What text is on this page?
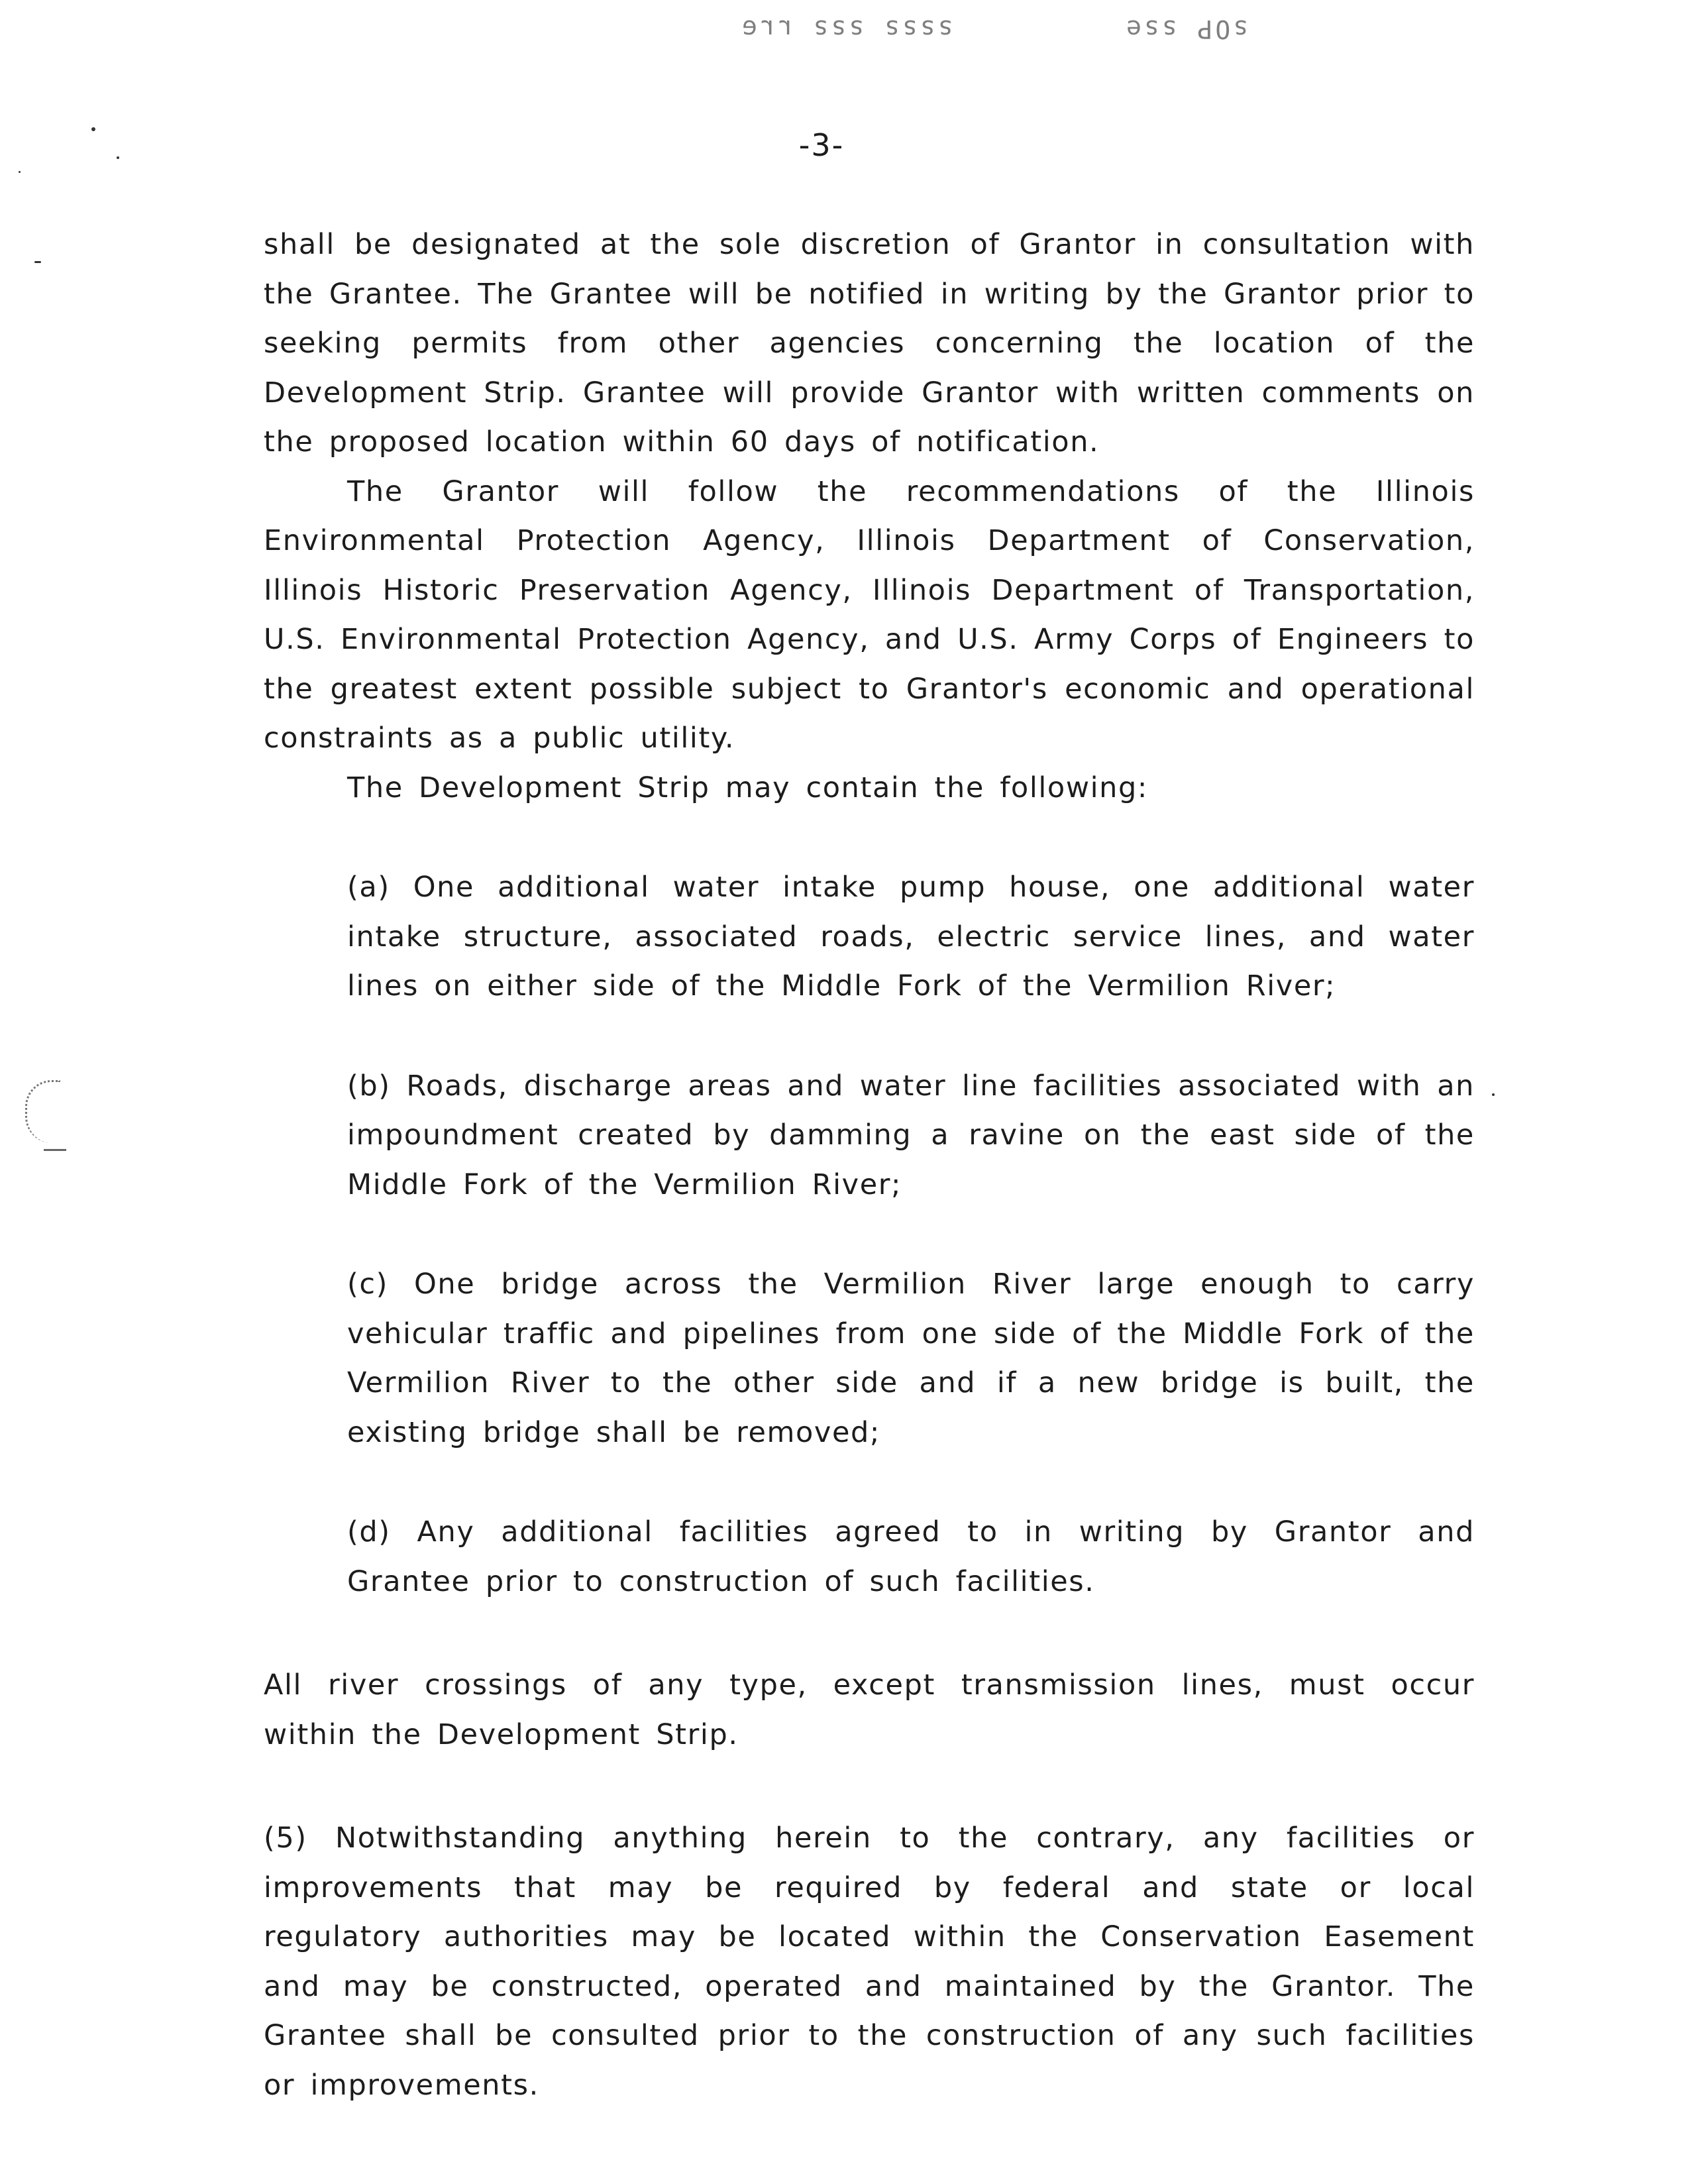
ǝɹɹ ƨƨƨ ƨƨƨƨ	ɘƨƨ ꟼOƨ
-3-

shall be designated at the sole discretion of Grantor in consultation with the Grantee. The Grantee will be notified in writing by the Grantor prior to seeking permits from other agencies concerning the location of the Development Strip. Grantee will provide Grantor with written comments on the proposed location within 60 days of notification.

The Grantor will follow the recommendations of the Illinois Environmental Protection Agency, Illinois Department of Conservation, Illinois Historic Preservation Agency, Illinois Department of Transportation, U.S. Environmental Protection Agency, and U.S. Army Corps of Engineers to the greatest extent possible subject to Grantor's economic and operational constraints as a public utility.

The Development Strip may contain the following:

(a) One additional water intake pump house, one additional water intake structure, associated roads, electric service lines, and water lines on either side of the Middle Fork of the Vermilion River;

(b) Roads, discharge areas and water line facilities associated with an impoundment created by damming a ravine on the east side of the Middle Fork of the Vermilion River;

(c) One bridge across the Vermilion River large enough to carry vehicular traffic and pipelines from one side of the Middle Fork of the Vermilion River to the other side and if a new bridge is built, the existing bridge shall be removed;

(d) Any additional facilities agreed to in writing by Grantor and Grantee prior to construction of such facilities.

All river crossings of any type, except transmission lines, must occur within the Development Strip.

(5) Notwithstanding anything herein to the contrary, any facilities or improvements that may be required by federal and state or local regulatory authorities may be located within the Conservation Easement and may be constructed, operated and maintained by the Grantor. The Grantee shall be consulted prior to the construction of any such facilities or improvements.
